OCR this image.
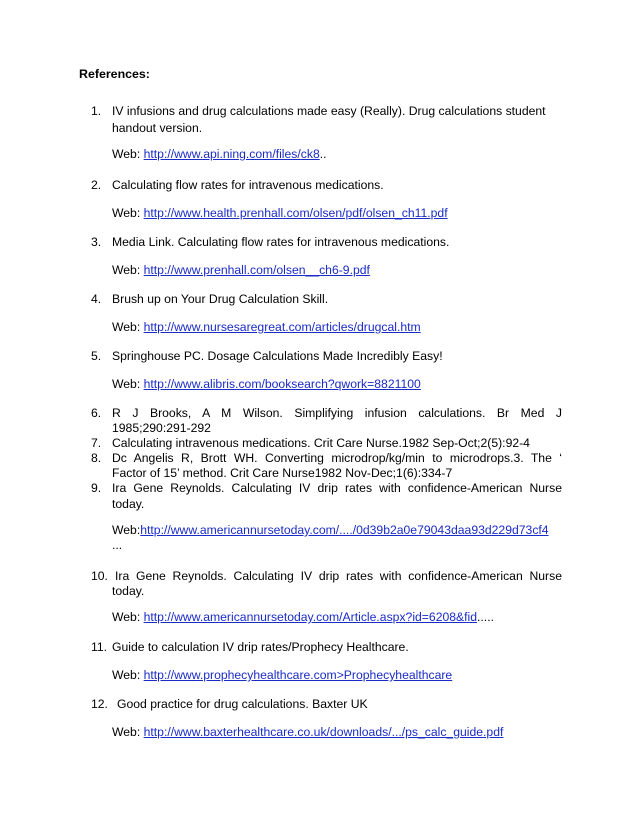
References:
1. IV infusions and drug calculations made easy (Really). Drug calculations student
handout version.
Web: http://www.api.ning.com/files/ck8..
2. Calculating flow rates for intravenous medications.
Web: http://www.health.prenhall.com/olsen/pdf/olsen_ch11.pdf
3. Media Link. Calculating flow rates for intravenous medications.
Web: http://www.prenhall.com/olsen__ch6-9.pdf
4. Brush up on Your Drug Calculation Skill.
Web: http://www.nursesaregreat.com/articles/drugcal.htm
5. Springhouse PC. Dosage Calculations Made Incredibly Easy!
Web: http://www.alibris.com/booksearch?qwork=8821100
6. R J Brooks, A M Wilson. Simplifying infusion calculations. Br Med J
1985;290:291-292
7. Calculating intravenous medications. Crit Care Nurse.1982 Sep-Oct;2(5):92-4
8. Dc Angelis R, Brott WH. Converting microdrop/kg/min to microdrops.3. The ‘
Factor of 15’ method. Crit Care Nurse1982 Nov-Dec;1(6):334-7
9. Ira Gene Reynolds. Calculating IV drip rates with confidence-American Nurse
today.
Web:http://www.americannursetoday.com/..../0d39b2a0e79043daa93d229d73cf4
...
10. Ira Gene Reynolds. Calculating IV drip rates with confidence-American Nurse
today.
Web: http://www.americannursetoday.com/Article.aspx?id=6208&fid.....
11. Guide to calculation IV drip rates/Prophecy Healthcare.
Web: http://www.prophecyhealthcare.com>Prophecyhealthcare
12. Good practice for drug calculations. Baxter UK
Web: http://www.baxterhealthcare.co.uk/downloads/.../ps_calc_guide.pdf
